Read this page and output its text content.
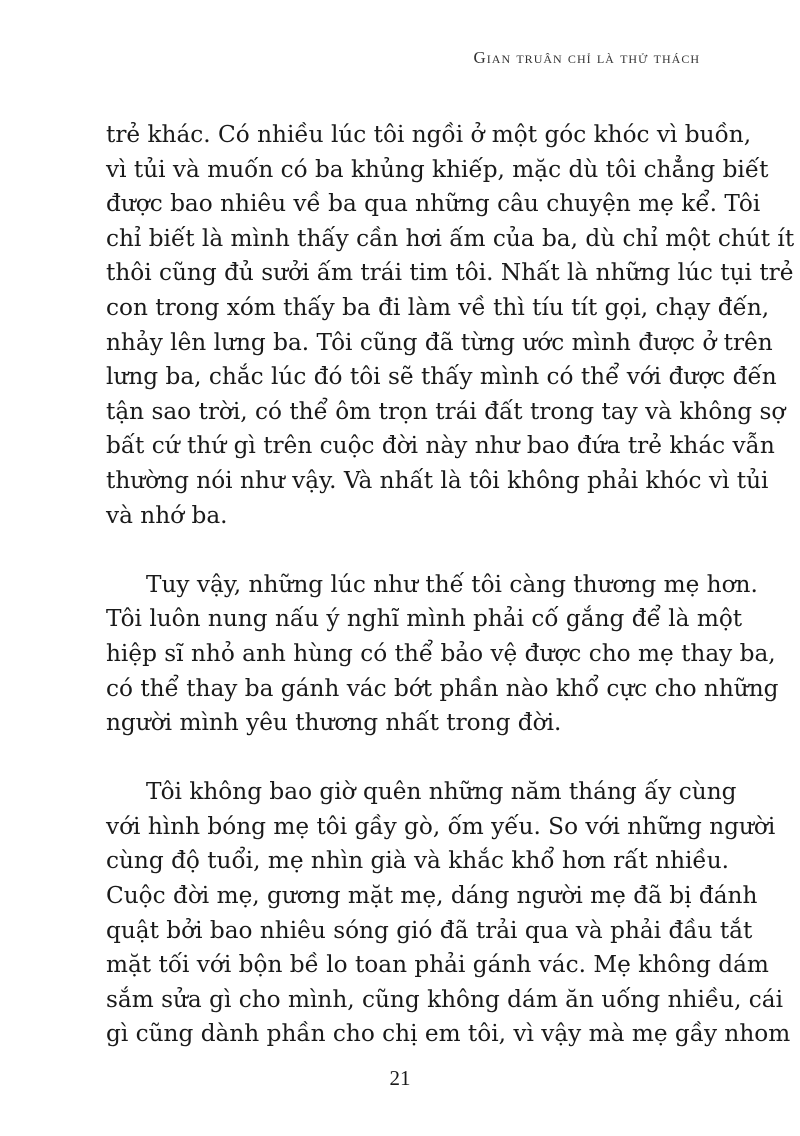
Gian truân chỉ là thử thách
trẻ khác. Có nhiều lúc tôi ngồi ở một góc khóc vì buồn,
vì tủi và muốn có ba khủng khiếp, mặc dù tôi chẳng biết
được bao nhiêu về ba qua những câu chuyện mẹ kể. Tôi
chỉ biết là mình thấy cần hơi ấm của ba, dù chỉ một chút ít
thôi cũng đủ sưởi ấm trái tim tôi. Nhất là những lúc tụi trẻ
con trong xóm thấy ba đi làm về thì tíu tít gọi, chạy đến,
nhảy lên lưng ba. Tôi cũng đã từng ước mình được ở trên
lưng ba, chắc lúc đó tôi sẽ thấy mình có thể với được đến
tận sao trời, có thể ôm trọn trái đất trong tay và không sợ
bất cứ thứ gì trên cuộc đời này như bao đứa trẻ khác vẫn
thường nói như vậy. Và nhất là tôi không phải khóc vì tủi
và nhớ ba.
Tuy vậy, những lúc như thế tôi càng thương mẹ hơn.
Tôi luôn nung nấu ý nghĩ mình phải cố gắng để là một
hiệp sĩ nhỏ anh hùng có thể bảo vệ được cho mẹ thay ba,
có thể thay ba gánh vác bớt phần nào khổ cực cho những
người mình yêu thương nhất trong đời.
Tôi không bao giờ quên những năm tháng ấy cùng
với hình bóng mẹ tôi gầy gò, ốm yếu. So với những người
cùng độ tuổi, mẹ nhìn già và khắc khổ hơn rất nhiều.
Cuộc đời mẹ, gương mặt mẹ, dáng người mẹ đã bị đánh
quật bởi bao nhiêu sóng gió đã trải qua và phải đầu tắt
mặt tối với bộn bề lo toan phải gánh vác. Mẹ không dám
sắm sửa gì cho mình, cũng không dám ăn uống nhiều, cái
gì cũng dành phần cho chị em tôi, vì vậy mà mẹ gầy nhom
21
